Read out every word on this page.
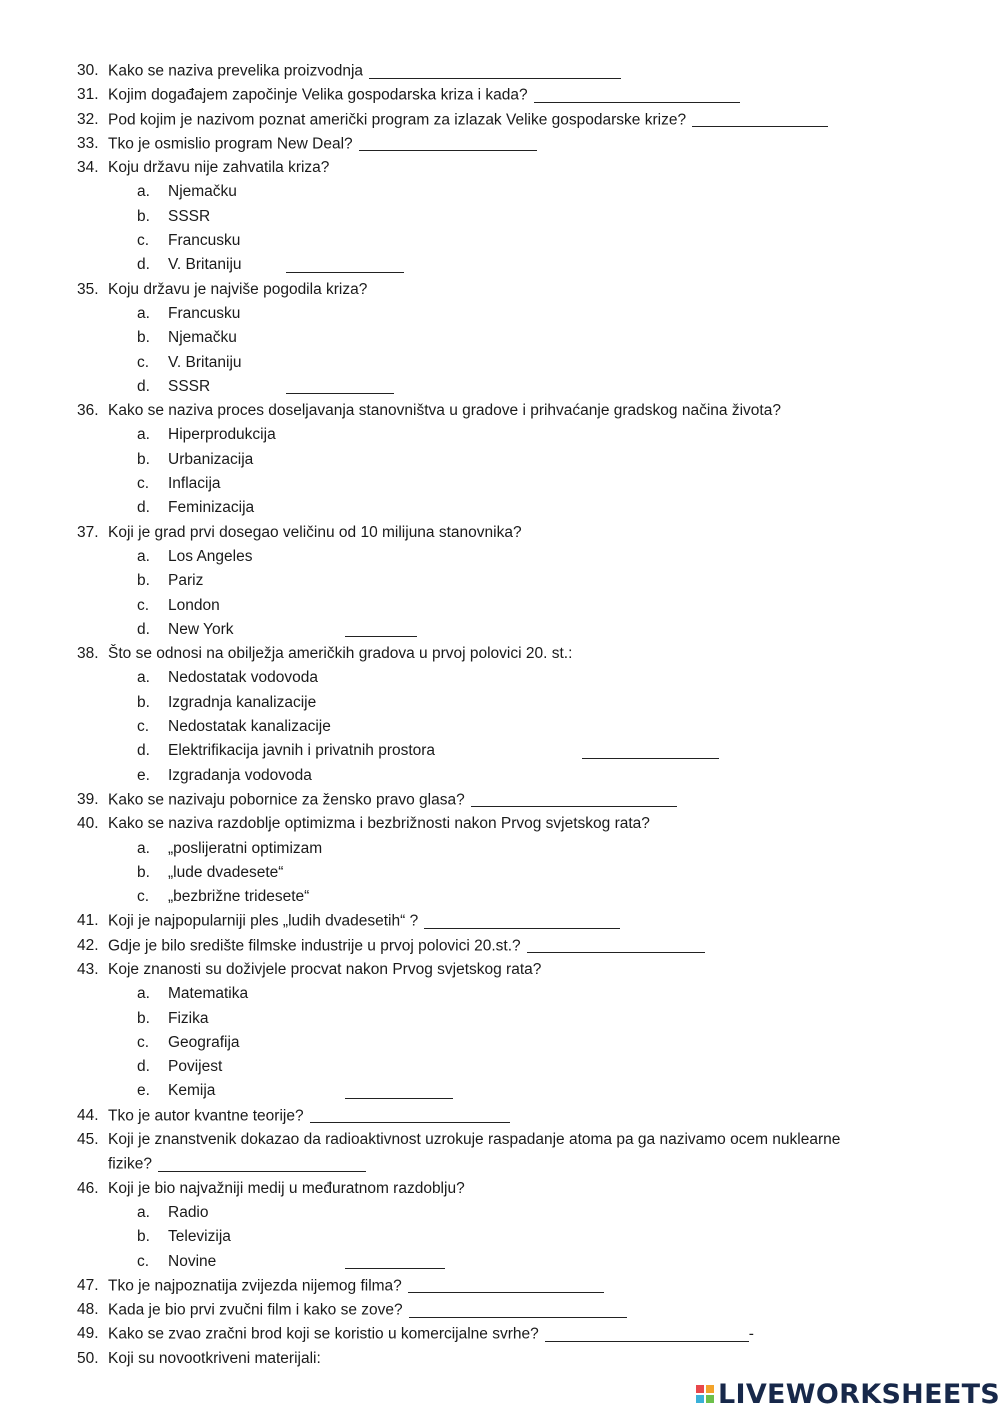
30. Kako se naziva prevelika proizvodnja
31. Kojim događajem započinje Velika gospodarska kriza i kada?
32. Pod kojim je nazivom poznat američki program za izlazak Velike gospodarske krize?
33. Tko je osmislio program New Deal?
34. Koju državu nije zahvatila kriza?
a. Njemačku
b. SSSR
c. Francusku
d. V. Britaniju
35. Koju državu je najviše pogodila kriza?
a. Francusku
b. Njemačku
c. V. Britaniju
d. SSSR
36. Kako se naziva proces doseljavanja stanovništva u gradove i prihvaćanje gradskog načina života?
a. Hiperprodukcija
b. Urbanizacija
c. Inflacija
d. Feminizacija
37. Koji je grad prvi dosegao veličinu od 10 milijuna stanovnika?
a. Los Angeles
b. Pariz
c. London
d. New York
38. Što se odnosi na obilježja američkih gradova u prvoj polovici 20. st.:
a. Nedostatak vodovoda
b. Izgradnja kanalizacije
c. Nedostatak kanalizacije
d. Elektrifikacija javnih i privatnih prostora
e. Izgradanja vodovoda
39. Kako se nazivaju pobornice za žensko pravo glasa?
40. Kako se naziva razdoblje optimizma i bezbrižnosti nakon Prvog svjetskog rata?
a. „poslijeratni optimizam
b. „lude dvadesete“
c. „bezbrižne tridesete“
41. Koji je najpopularniji ples „ludih dvadesetih“ ?
42. Gdje je bilo središte filmske industrije u prvoj polovici 20.st.?
43. Koje znanosti su doživjele procvat nakon Prvog svjetskog rata?
a. Matematika
b. Fizika
c. Geografija
d. Povijest
e. Kemija
44. Tko je autor kvantne teorije?
45. Koji je znanstvenik dokazao da radioaktivnost uzrokuje raspadanje atoma pa ga nazivamo ocem nuklearne
fizike?
46. Koji je bio najvažniji medij u međuratnom razdoblju?
a. Radio
b. Televizija
c. Novine
47. Tko je najpoznatija zvijezda nijemog filma?
48. Kada je bio prvi zvučni film i kako se zove?
49. Kako se zvao zračni brod koji se koristio u komercijalne svrhe?	-
50. Koji su novootkriveni materijali:
LIVEWORKSHEETS
